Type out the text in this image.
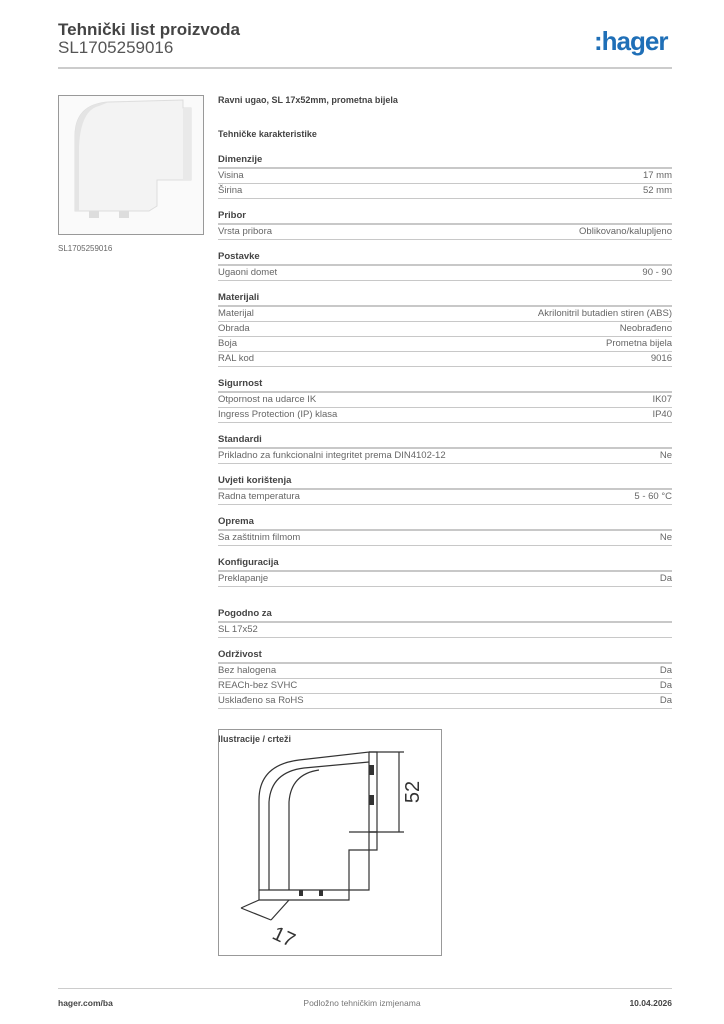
Tehnički list proizvoda
SL1705259016	:hager
SL1705259016
Ravni ugao, SL 17x52mm, prometna bijela
Tehničke karakteristike
Dimenzije
Visina	17 mm
Širina	52 mm
Pribor
Vrsta pribora	Oblikovano/kalupljeno
Postavke
Ugaoni domet	90 - 90
Materijali
Materijal	Akrilonitril butadien stiren (ABS)
Obrada	Neobrađeno
Boja	Prometna bijela
RAL kod	9016
Sigurnost
Otpornost na udarce IK	IK07
Ingress Protection (IP) klasa	IP40
Standardi
Prikladno za funkcionalni integritet prema DIN4102-12	Ne
Uvjeti korištenja
Radna temperatura	5 - 60 °C
Oprema
Sa zaštitnim filmom	Ne
Konfiguracija
Preklapanje	Da
Pogodno za
SL 17x52
Održivost
Bez halogena	Da
REACh-bez SVHC	Da
Usklađeno sa RoHS	Da
Ilustracije / crteži
52
17
hager.com/ba	Podložno tehničkim izmjenama	10.04.2026
